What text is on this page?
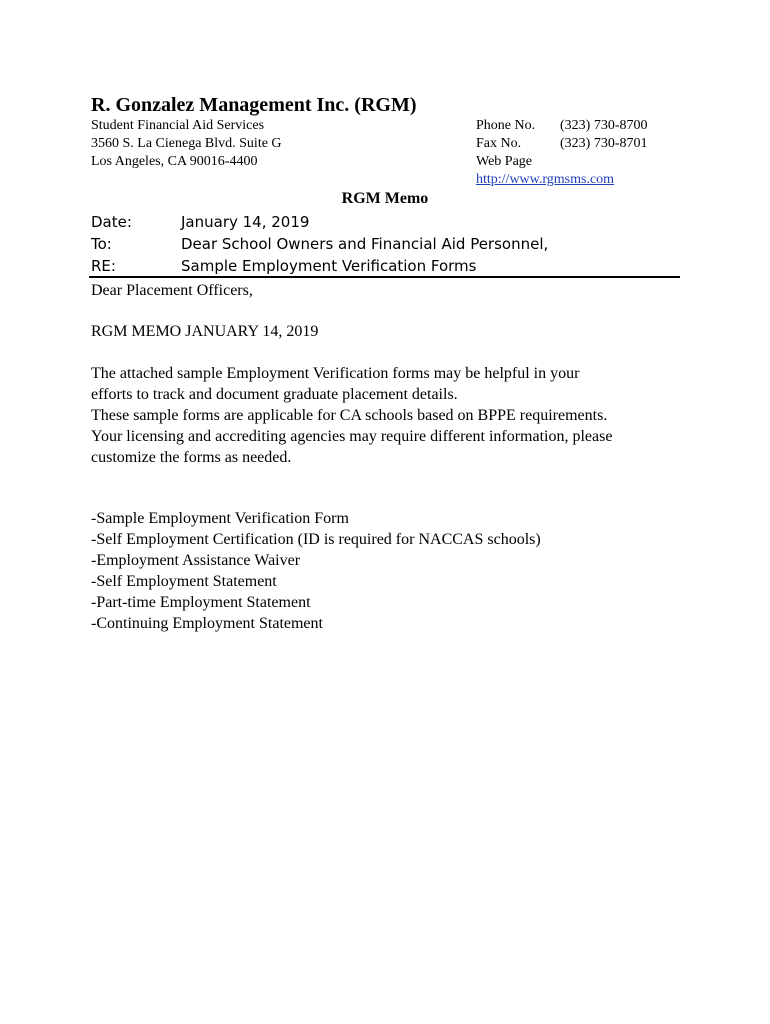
R. Gonzalez Management Inc. (RGM)
Student Financial Aid Services
3560 S. La Cienega Blvd. Suite G
Los Angeles, CA 90016-4400
Phone No.	(323) 730-8700
Fax No.	(323) 730-8701
Web Page
http://www.rgmsms.com
RGM Memo
Date:	January 14, 2019
To:	Dear School Owners and Financial Aid Personnel,
RE:	Sample Employment Verification Forms
Dear Placement Officers,
RGM MEMO JANUARY 14, 2019
The attached sample Employment Verification forms may be helpful in your
efforts to track and document graduate placement details.
These sample forms are applicable for CA schools based on BPPE requirements.
Your licensing and accrediting agencies may require different information, please
customize the forms as needed.
-Sample Employment Verification Form
-Self Employment Certification (ID is required for NACCAS schools)
-Employment Assistance Waiver
-Self Employment Statement
-Part-time Employment Statement
-Continuing Employment Statement
